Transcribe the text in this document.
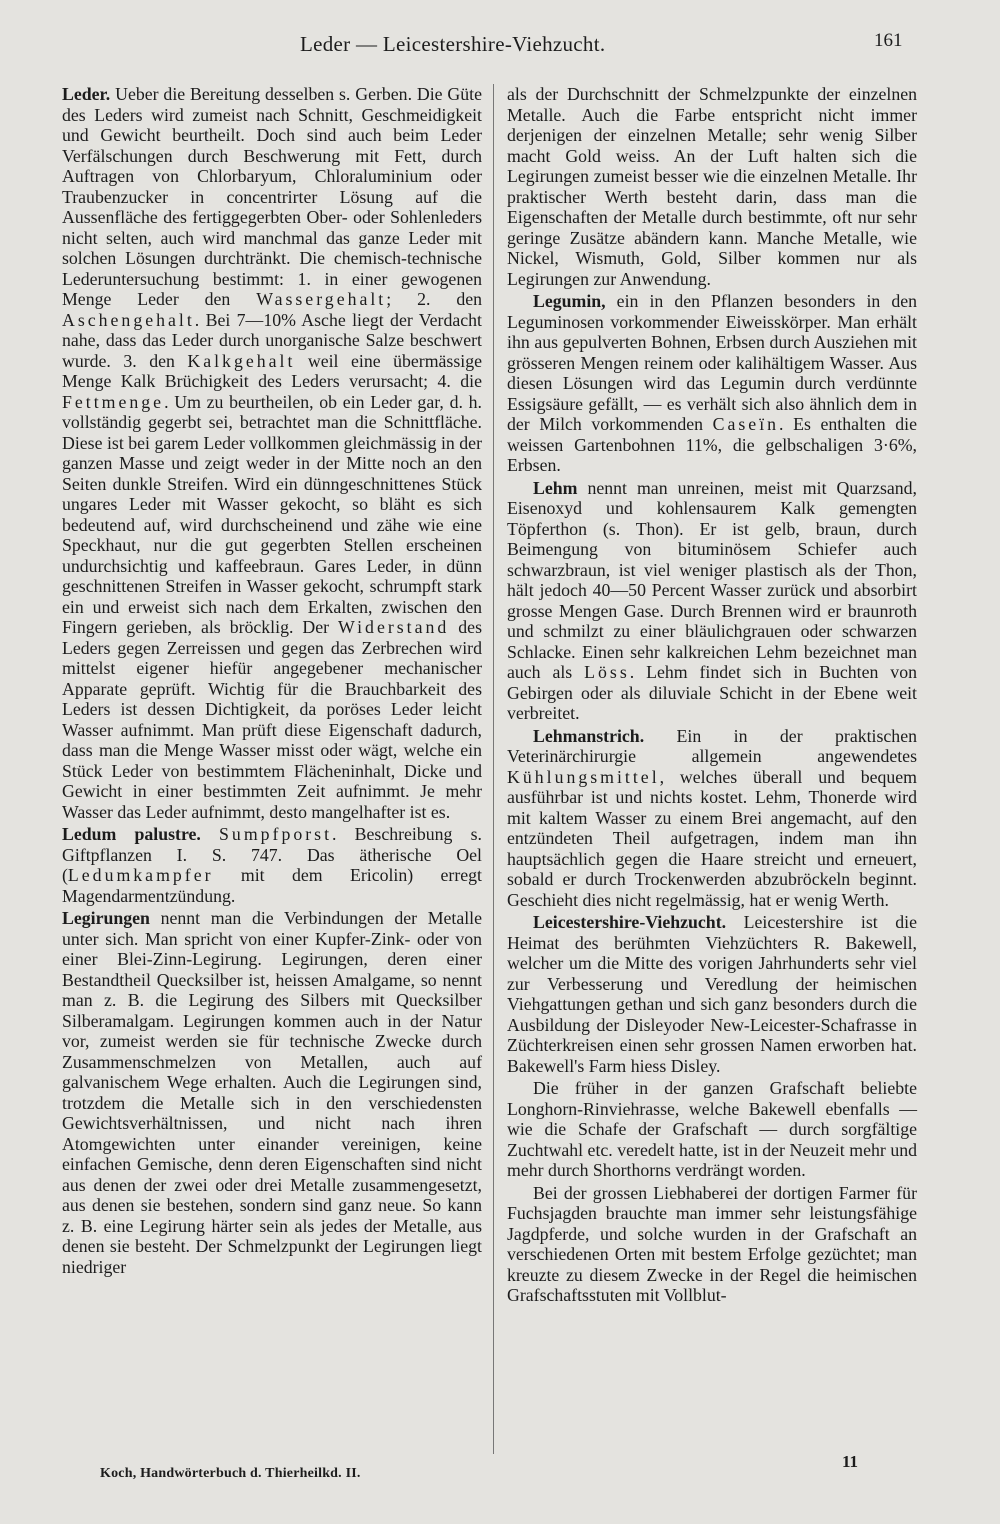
Leder — Leicestershire-Viehzucht.	161

Leder. Ueber die Bereitung desselben s. Gerben. Die Güte des Leders wird zumeist nach Schnitt, Geschmeidigkeit und Gewicht beurtheilt. Doch sind auch beim Leder Verfälschungen durch Beschwerung mit Fett, durch Auftragen von Chlorbaryum, Chloraluminium oder Traubenzucker in concentrirter Lösung auf die Aussenfläche des fertiggegerbten Ober- oder Sohlenleders nicht selten, auch wird manchmal das ganze Leder mit solchen Lösungen durchtränkt. Die chemisch-technische Lederuntersuchung bestimmt: 1. in einer gewogenen Menge Leder den Wassergehalt; 2. den Aschengehalt. Bei 7—10% Asche liegt der Verdacht nahe, dass das Leder durch unorganische Salze beschwert wurde. 3. den Kalkgehalt weil eine übermässige Menge Kalk Brüchigkeit des Leders verursacht; 4. die Fettmenge. Um zu beurtheilen, ob ein Leder gar, d. h. vollständig gegerbt sei, betrachtet man die Schnittfläche. Diese ist bei garem Leder vollkommen gleichmässig in der ganzen Masse und zeigt weder in der Mitte noch an den Seiten dunkle Streifen. Wird ein dünngeschnittenes Stück ungares Leder mit Wasser gekocht, so bläht es sich bedeutend auf, wird durchscheinend und zähe wie eine Speckhaut, nur die gut gegerbten Stellen erscheinen undurchsichtig und kaffeebraun. Gares Leder, in dünn geschnittenen Streifen in Wasser gekocht, schrumpft stark ein und erweist sich nach dem Erkalten, zwischen den Fingern gerieben, als bröcklig. Der Widerstand des Leders gegen Zerreissen und gegen das Zerbrechen wird mittelst eigener hiefür angegebener mechanischer Apparate geprüft. Wichtig für die Brauchbarkeit des Leders ist dessen Dichtigkeit, da poröses Leder leicht Wasser aufnimmt. Man prüft diese Eigenschaft dadurch, dass man die Menge Wasser misst oder wägt, welche ein Stück Leder von bestimmtem Flächeninhalt, Dicke und Gewicht in einer bestimmten Zeit aufnimmt. Je mehr Wasser das Leder aufnimmt, desto mangelhafter ist es.

Ledum palustre. Sumpfporst. Beschreibung s. Giftpflanzen I. S. 747. Das ätherische Oel (Ledumkampfer mit dem Ericolin) erregt Magendarmentzündung.

Legirungen nennt man die Verbindungen der Metalle unter sich. Man spricht von einer Kupfer-Zink- oder von einer Blei-Zinn-Legirung. Legirungen, deren einer Bestandtheil Quecksilber ist, heissen Amalgame, so nennt man z. B. die Legirung des Silbers mit Quecksilber Silberamalgam. Legirungen kommen auch in der Natur vor, zumeist werden sie für technische Zwecke durch Zusammenschmelzen von Metallen, auch auf galvanischem Wege erhalten. Auch die Legirungen sind, trotzdem die Metalle sich in den verschiedensten Gewichtsverhältnissen, und nicht nach ihren Atomgewichten unter einander vereinigen, keine einfachen Gemische, denn deren Eigenschaften sind nicht aus denen der zwei oder drei Metalle zusammengesetzt, aus denen sie bestehen, sondern sind ganz neue. So kann z. B. eine Legirung härter sein als jedes der Metalle, aus denen sie besteht. Der Schmelzpunkt der Legirungen liegt niedriger

als der Durchschnitt der Schmelzpunkte der einzelnen Metalle. Auch die Farbe entspricht nicht immer derjenigen der einzelnen Metalle; sehr wenig Silber macht Gold weiss. An der Luft halten sich die Legirungen zumeist besser wie die einzelnen Metalle. Ihr praktischer Werth besteht darin, dass man die Eigenschaften der Metalle durch bestimmte, oft nur sehr geringe Zusätze abändern kann. Manche Metalle, wie Nickel, Wismuth, Gold, Silber kommen nur als Legirungen zur Anwendung.

Legumin, ein in den Pflanzen besonders in den Leguminosen vorkommender Eiweisskörper. Man erhält ihn aus gepulverten Bohnen, Erbsen durch Ausziehen mit grösseren Mengen reinem oder kalihältigem Wasser. Aus diesen Lösungen wird das Legumin durch verdünnte Essigsäure gefällt, — es verhält sich also ähnlich dem in der Milch vorkommenden Caseïn. Es enthalten die weissen Gartenbohnen 11%, die gelbschaligen 3·6%, Erbsen.

Lehm nennt man unreinen, meist mit Quarzsand, Eisenoxyd und kohlensaurem Kalk gemengten Töpferthon (s. Thon). Er ist gelb, braun, durch Beimengung von bituminösem Schiefer auch schwarzbraun, ist viel weniger plastisch als der Thon, hält jedoch 40—50 Percent Wasser zurück und absorbirt grosse Mengen Gase. Durch Brennen wird er braunroth und schmilzt zu einer bläulichgrauen oder schwarzen Schlacke. Einen sehr kalkreichen Lehm bezeichnet man auch als Löss. Lehm findet sich in Buchten von Gebirgen oder als diluviale Schicht in der Ebene weit verbreitet.

Lehmanstrich. Ein in der praktischen Veterinärchirurgie allgemein angewendetes Kühlungsmittel, welches überall und bequem ausführbar ist und nichts kostet. Lehm, Thonerde wird mit kaltem Wasser zu einem Brei angemacht, auf den entzündeten Theil aufgetragen, indem man ihn hauptsächlich gegen die Haare streicht und erneuert, sobald er durch Trockenwerden abzubröckeln beginnt. Geschieht dies nicht regelmässig, hat er wenig Werth.

Leicestershire-Viehzucht. Leicestershire ist die Heimat des berühmten Viehzüchters R. Bakewell, welcher um die Mitte des vorigen Jahrhunderts sehr viel zur Verbesserung und Veredlung der heimischen Viehgattungen gethan und sich ganz besonders durch die Ausbildung der Disleyoder New-Leicester-Schafrasse in Züchterkreisen einen sehr grossen Namen erworben hat. Bakewell's Farm hiess Disley.

Die früher in der ganzen Grafschaft beliebte Longhorn-Rinviehrasse, welche Bakewell ebenfalls — wie die Schafe der Grafschaft — durch sorgfältige Zuchtwahl etc. veredelt hatte, ist in der Neuzeit mehr und mehr durch Shorthorns verdrängt worden.

Bei der grossen Liebhaberei der dortigen Farmer für Fuchsjagden brauchte man immer sehr leistungsfähige Jagdpferde, und solche wurden in der Grafschaft an verschiedenen Orten mit bestem Erfolge gezüchtet; man kreuzte zu diesem Zwecke in der Regel die heimischen Grafschaftsstuten mit Vollblut-

Koch, Handwörterbuch d. Thierheilkd. II.
11
